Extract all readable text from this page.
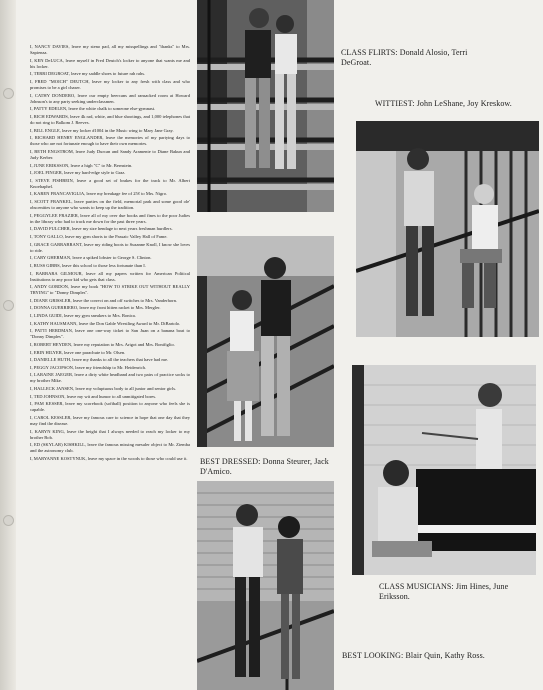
I, NANCY DAVIES, leave my steno pad, all my misspellings and "thanks" to Mrs. Sapienza.

I, KEN DeLUCA, leave myself in Fred Deutch's locker to anyone that wants me and his locker.

I, TERRI DEGROAT, leave my saddle shoes to future rah rahs.

I, FRED "MOICH" DEUTCH, leave my locker to any fresh with class and who promises to be a girl chaser.

I, CATHY DONDERO, leave our empty beercans and ransacked room at Howard Johnson's to any party seeking underclassmen.

I, PATTY EDELEN, leave the white chalk to someone else-gymnast.

I, RICH EDWARDS, leave 4k rad, white, and blue shootings, and 1,000 telephones that do not ring to Balkom J. Reeves.

I, BILL ENGLE, leave my locker #1004 in the Music wing to Mary Jane Gray.

I, RICHARD HENRY ENGLANDER, leave the memories of my partying days to those who are not fortunate enough to have their own memories.

I, BETH ENGSTROM, leave Judy Durcan and Sandy Aramente to Diane Bakun and Judy Kerber.

I, JUNE ERIKSSON, leave a high "C" to Mr. Bernstein.

I, JOEL FINGER, leave my hard-edge style to Graz.

I, STEVE FISHBEIN, leave a good set of brakes for the track to Mr. Albert Knoehaphel.

I, KAREN FRANCAVIGLIA, leave my breakage fee of 25¢ to Mrs. Nigro.

I, SCOTT FRANKEL, leave parties on the field, memorial park and some good ole' obscenities to anyone who wants to keep up the tradition.

I, PEGGYLEE FRAZIER, leave all of my over due books and fines to the poor Judies in the library who had to track me down for the past three years.

I, DAVID FULCHER, leave my size hendage to next years freshman hurdlers.

I, TONY GALLO, leave my gym shorts to the Passaic Valley Hall of Fame.

I, GRACE GARRABRANT, leave my riding boots to Suzanne Knoll, I know she loves to ride.

I, CARY GHERMAN, leave a spiked lobster to George S. Clinton.

I, RUSS GIBBS, leave this school to those less fortunate than I.

I, BARBARA GILMOUR, leave all my papers written for American Political Institutions to any poor kid who gets that class.

I, ANDY GORDON, leave my book "HOW TO STRIKE OUT WITHOUT REALLY TRYING" to "Donny Dimples".

I, DIANE GRISSLER, leave the correct on and off switches to Mrs. Vanderhorn.

I, DONNA GUERRIERO, leave my front hitten racket to Mrs. Mergler.

I, LINDA GUIDI, leave my gym sneakers to Mrs. Bonica.

I, KATHY HAUSMANN, leave the Don Gable Wrestling Award to Mr. DiBartolo.

I, PATTI HERDMAN, leave one one-way ticket to San Juan on a banana boat to "Donny Dimples".

I, ROBERT HEYDEN, leave my reputation to Mrs. Arigot and Mrs. Bonifiglio.

I, ERIN HILYER, leave one parachute to Mr. Olsen.

I, DANIELLE HUTH, leave my thanks to all the teachers that have had me.

I, PEGGY JACOPSON, leave my friendship to Mr. Heidenrich.

I, LARAINE JAEGER, leave a dirty white headband and two pairs of practice socks to my brother Mike.

I, HALLECK JANSEN, leave my voluptuous body to all junior and senior girls.

I, TED JOHNSON, leave my wit and humor to all unmitigated bores.

I, PAM KESSER, leave my scorebook (softball) position to anyone who feels she is capable.

I, CAROL KESSLER, leave my famous care to science in hope that one day that they may find the disease.

I, KARYN KING, leave the height that I always needed to reach my locker to my brother Bob.

I, ED (SKYLAR) KISHKILL, leave the famous missing mesuler object to Mr. Ziemba and the astronomy club.

I, MARYANNE KOSTYNUK, leave my space in the woods to those who could use it.

CLASS FLIRTS: Donald Alosio, Terri DeGroat.
WITTIEST: John LeShane, Joy Kreskow.
BEST DRESSED: Donna Steurer, Jack D'Amico.
CLASS MUSICIANS: Jim Hines, June Eriksson.
BEST LOOKING: Blair Quin, Kathy Ross.
